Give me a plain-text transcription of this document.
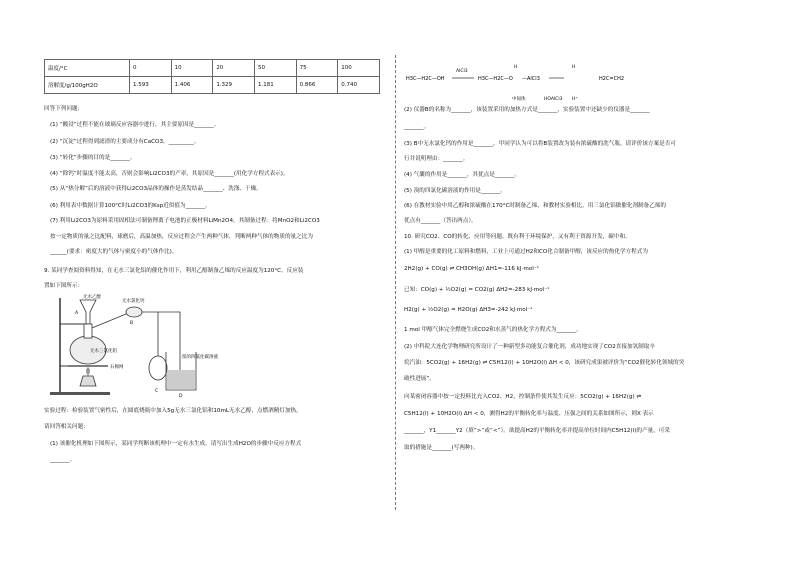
温度/°C	0	10	20	50	75	100
溶解度/g/100gH2O	1.593	1.406	1.329	1.181	0.866	0.740
回答下列问题:
(1) “酸浸”过程不能在玻璃反应容器中进行，其主要原因是_______。
(2) “沉淀”过程得到滤渣的主要成分有CaCO3、_________。
(3) “转化”步骤的目的是_______。
(4) “除钙”时温度不能太高，否则会影响Li2CO3的产率，其原因是_______(用化学方程式表示)。
(5) 从“热分解”后的溶液中获得Li2CO3晶体的操作是蒸发结晶_______、洗涤、干燥。
(6) 利用表中数据计算100°C时Li2CO3的Ksp近似值为_______。
(7) 利用Li2CO3为原料采用固相法可制备锂离子电池的正极材料LiMn2O4，其制备过程：将MnO2和Li2CO3
按一定物质的量之比配料，球磨后，高温加热，反应过程会产生两种气体，判断两种气体的物质的量之比为
______(要求：密度大的气体与密度小的气体作比)。
9. 某同学查阅资料得知，在无水三氯化铝的催化作用下，利用乙醇制备乙烯的反应温度为120°C。反应装
置如下图所示：
无水乙醇
A
无水氯化钙
B
无水三氯化铝
石棉网
C
溴的四氯化碳溶液
D
实验过程：检验装置气密性后，在圆底烧瓶中加入5g无水三氯化铝和10mL无水乙醇，点燃酒精灯加热，
请回答相关问题：
(1) 该催化机理如下图所示，某同学判断该机理中一定有水生成，请写出生成H2O的步骤中反应方程式
_______。
H3C—H2C—OH
AlCl3
H3C—H2C—O —AlCl3
H
中间体	HOAlCl3
H
H2C=CH2
H⁺
(2) 仪器B的名称为_______，该装置采用的加热方式是_______，实验装置中还缺少的仪器是_______
_______。
(3) B中无水氯化钙的作用是_______，甲同学认为可以将B装置改为装有浓硫酸的洗气瓶，请评价该方案是否可
行并说明理由：_______。
(4) 气囊的作用是_______，其优点是_______。
(5) 溴的四氯化碳溶液的作用是_______。
(6) 在教材实验中用乙醇和浓硫酸在170°C时制备乙烯，和教材实验相比，用三氯化铝做催化剂制备乙烯的
优点有_______（答出两点）。
10. 研究CO2、CO的转化、应用等问题，既有利于环境保护，又有利于资源开发，碳中和。
(1) 甲醇是重要的化工原料和燃料，工业上可通过H2和CO化合制备甲醇，该反应的热化学方程式为
2H2(g) + CO(g) ⇌ CH3OH(g) ΔH1=-116 kJ·mol⁻¹
已知：CO(g) + ½O2(g) = CO2(g) ΔH2=-283 kJ·mol⁻¹
H2(g) + ½O2(g) = H2O(g) ΔH3=-242 kJ·mol⁻¹
1 mol 甲醇气体完全燃烧生成CO2和水蒸气的热化学方程式为_______。
(2) 中科院大连化学物理研究所设计了一种新型多功能复合催化剂，成功地实现了CO2直接加氢制取辛
烷汽油：5CO2(g) + 16H2(g) ⇌ C5H12(l) + 10H2O(l) ΔH < 0，该研究成果被评价为“CO2催化转化领域的突
破性进展”。
向某密闭容器中按一定投料比充入CO2、H2，控制条件使其发生反应：5CO2(g) + 16H2(g) ⇌
C5H12(l) + 10H2O(l) ΔH < 0，测得H2的平衡转化率与温度、压强之间的关系如图所示，则X 表示
_______，Y1_______Y2（填“>”或“<”）。欲提高H2的平衡转化率并提高单位时间内C5H12(l)的产量，可采
取的措施是_______(写两种)。
